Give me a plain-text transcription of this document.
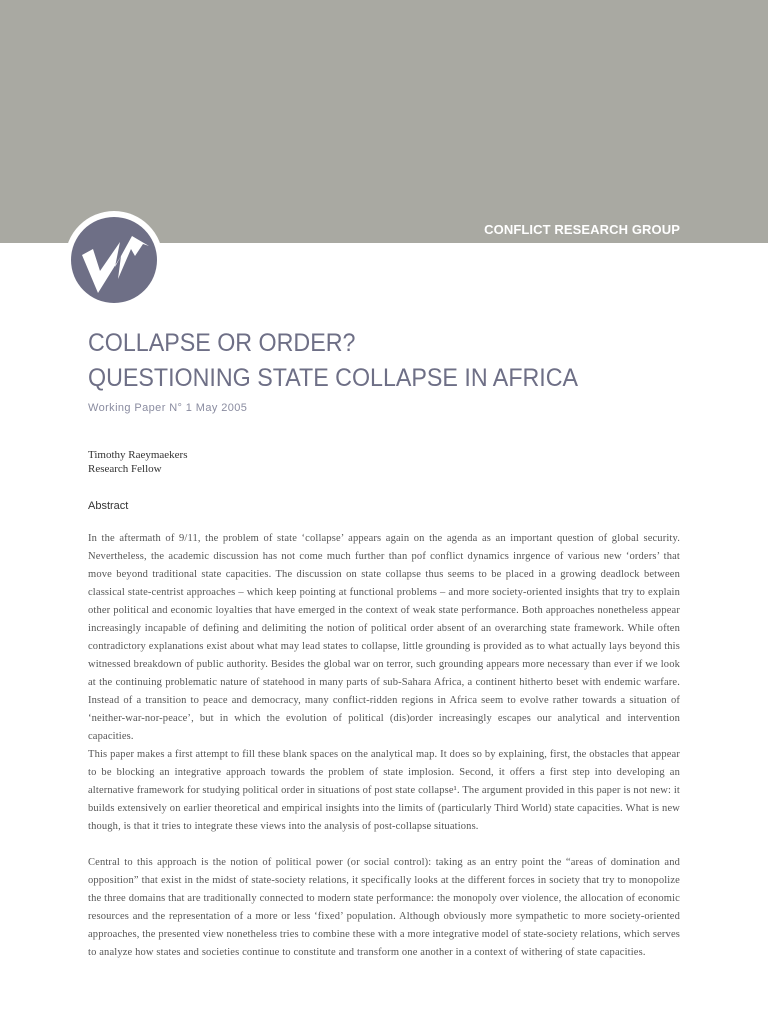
CONFLICT RESEARCH GROUP
COLLAPSE OR ORDER?
QUESTIONING STATE COLLAPSE IN AFRICA
Working Paper N° 1 May 2005
Timothy Raeymaekers
Research Fellow
Abstract

In the aftermath of 9/11, the problem of state ‘collapse’ appears again on the agenda as an important question of global security. Nevertheless, the academic discussion has not come much further than pof conflict dynamics inrgence of various new ‘orders’ that move beyond traditional state capacities. The discussion on state collapse thus seems to be placed in a growing deadlock between classical state-centrist approaches – which keep pointing at functional problems – and more society-oriented insights that try to explain other political and economic loyalties that have emerged in the context of weak state performance. Both approaches nonetheless appear increasingly incapable of defining and delimiting the notion of political order absent of an overarching state framework. While often contradictory explanations exist about what may lead states to collapse, little grounding is provided as to what actually lays beyond this witnessed breakdown of public authority. Besides the global war on terror, such grounding appears more necessary than ever if we look at the continuing problematic nature of statehood in many parts of sub-Sahara Africa, a continent hitherto beset with endemic warfare. Instead of a transition to peace and democracy, many conflict-ridden regions in Africa seem to evolve rather towards a situation of ‘neither-war-nor-peace’, but in which the evolution of political (dis)order increasingly escapes our analytical and intervention capacities.

This paper makes a first attempt to fill these blank spaces on the analytical map. It does so by explaining, first, the obstacles that appear to be blocking an integrative approach towards the problem of state implosion. Second, it offers a first step into developing an alternative framework for studying political order in situations of post state collapse¹. The argument provided in this paper is not new: it builds extensively on earlier theoretical and empirical insights into the limits of (particularly Third World) state capacities. What is new though, is that it tries to integrate these views into the analysis of post-collapse situations.

Central to this approach is the notion of political power (or social control): taking as an entry point the “areas of domination and opposition” that exist in the midst of state-society relations, it specifically looks at the different forces in society that try to monopolize the three domains that are traditionally connected to modern state performance: the monopoly over violence, the allocation of economic resources and the representation of a more or less ‘fixed’ population. Although obviously more sympathetic to more society-oriented approaches, the presented view nonetheless tries to combine these with a more integrative model of state-society relations, which serves to analyze how states and societies continue to constitute and transform one another in a context of withering of state capacities.
